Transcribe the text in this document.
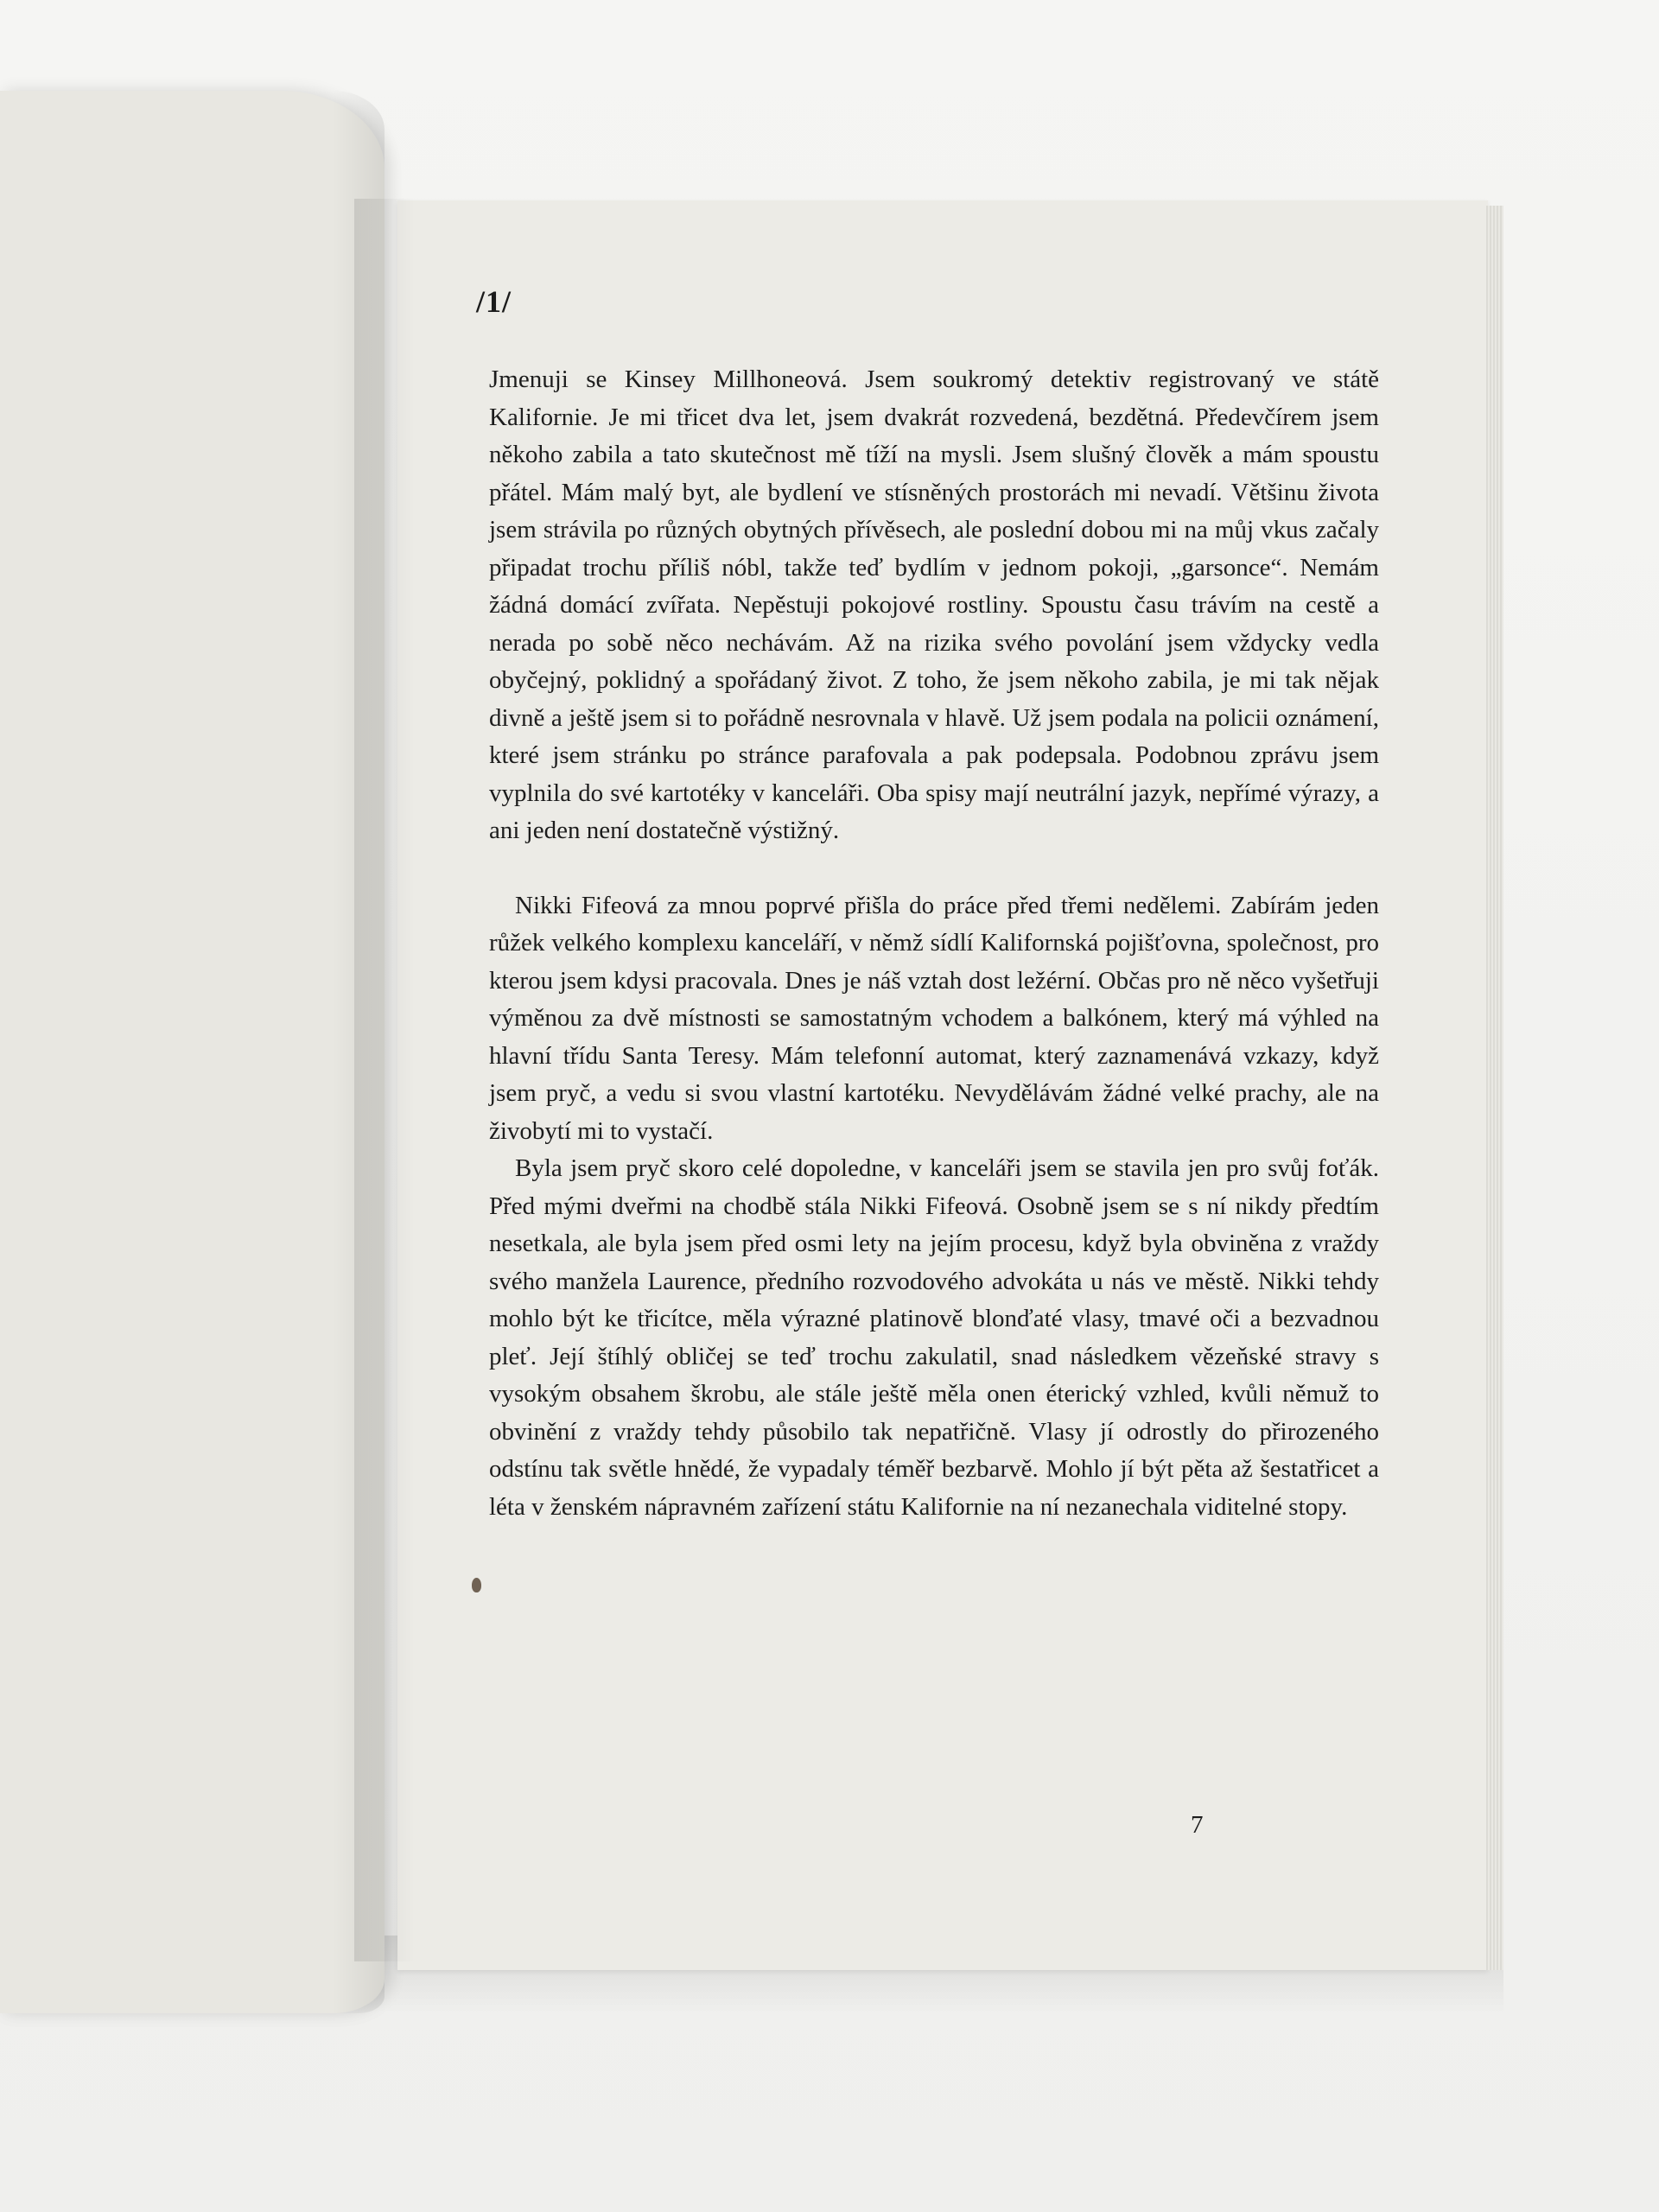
/1/

Jmenuji se Kinsey Millhoneová. Jsem soukromý detektiv registrovaný ve státě Kalifornie. Je mi třicet dva let, jsem dvakrát rozvedená, bezdětná. Předevčírem jsem někoho zabila a tato skutečnost mě tíží na mysli. Jsem slušný člověk a mám spoustu přátel. Mám malý byt, ale bydlení ve stísněných prostorách mi nevadí. Většinu života jsem strávila po různých obytných přívěsech, ale poslední dobou mi na můj vkus začaly připadat trochu příliš nóbl, takže teď bydlím v jednom pokoji, „garsonce“. Nemám žádná domácí zvířata. Nepěstuji pokojové rostliny. Spoustu času trávím na cestě a nerada po sobě něco nechávám. Až na rizika svého povolání jsem vždycky vedla obyčejný, poklidný a spořádaný život. Z toho, že jsem někoho zabila, je mi tak nějak divně a ještě jsem si to pořádně nesrovnala v hlavě. Už jsem podala na policii oznámení, které jsem stránku po stránce parafovala a pak podepsala. Podobnou zprávu jsem vyplnila do své kartotéky v kanceláři. Oba spisy mají neutrální jazyk, nepřímé výrazy, a ani jeden není dostatečně výstižný.

Nikki Fifeová za mnou poprvé přišla do práce před třemi nedělemi. Zabírám jeden růžek velkého komplexu kanceláří, v němž sídlí Kalifornská pojišťovna, společnost, pro kterou jsem kdysi pracovala. Dnes je náš vztah dost ležérní. Občas pro ně něco vyšetřuji výměnou za dvě místnosti se samostatným vchodem a balkónem, který má výhled na hlavní třídu Santa Teresy. Mám telefonní automat, který zaznamenává vzkazy, když jsem pryč, a vedu si svou vlastní kartotéku. Nevydělávám žádné velké prachy, ale na živobytí mi to vystačí.

Byla jsem pryč skoro celé dopoledne, v kanceláři jsem se stavila jen pro svůj foťák. Před mými dveřmi na chodbě stála Nikki Fifeová. Osobně jsem se s ní nikdy předtím nesetkala, ale byla jsem před osmi lety na jejím procesu, když byla obviněna z vraždy svého manžela Laurence, předního rozvodového advokáta u nás ve městě. Nikki tehdy mohlo být ke třicítce, měla výrazné platinově blonďaté vlasy, tmavé oči a bezvadnou pleť. Její štíhlý obličej se teď trochu zakulatil, snad následkem vězeňské stravy s vysokým obsahem škrobu, ale stále ještě měla onen éterický vzhled, kvůli němuž to obvinění z vraždy tehdy působilo tak nepatřičně. Vlasy jí odrostly do přirozeného odstínu tak světle hnědé, že vypadaly téměř bezbarvě. Mohlo jí být pěta až šestatřicet a léta v ženském nápravném zařízení státu Kalifornie na ní nezanechala viditelné stopy.

7
